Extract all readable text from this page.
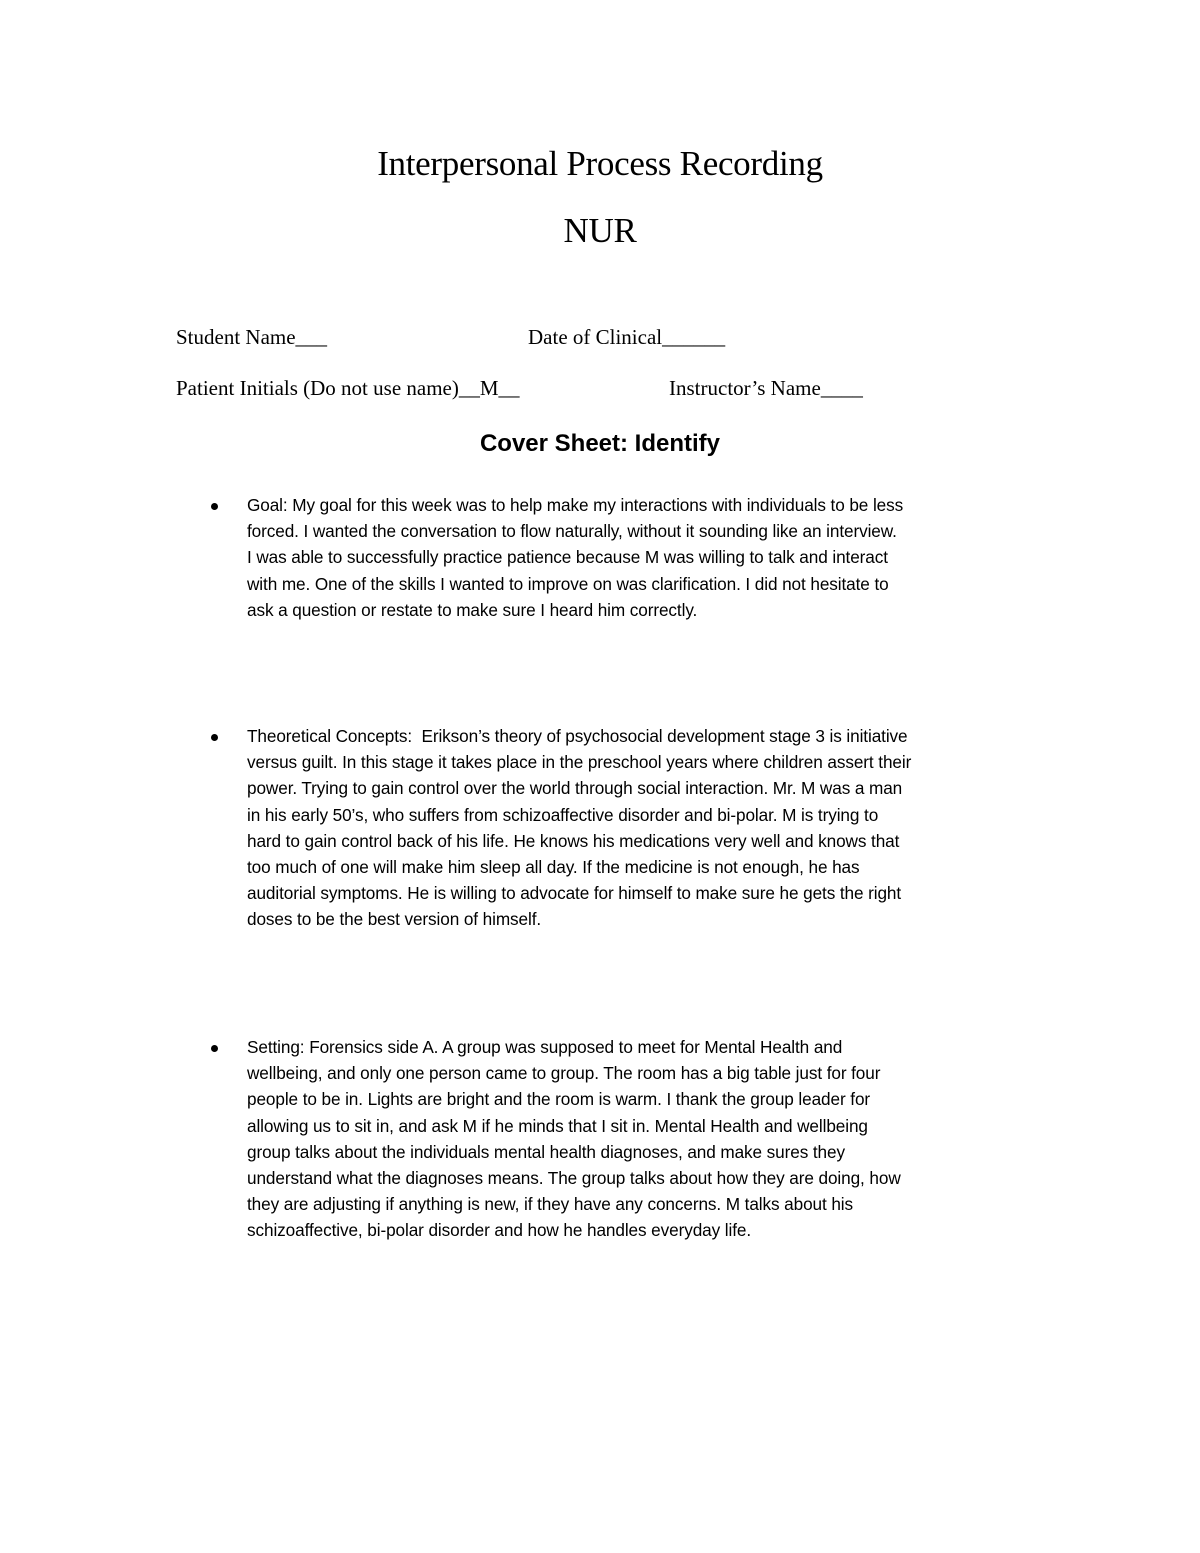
Interpersonal Process Recording
NUR
Student Name___	Date of Clinical______
Patient Initials (Do not use name)__M__	Instructor’s Name____
Cover Sheet: Identify
Goal: My goal for this week was to help make my interactions with individuals to be less
forced. I wanted the conversation to flow naturally, without it sounding like an interview.
I was able to successfully practice patience because M was willing to talk and interact
with me. One of the skills I wanted to improve on was clarification. I did not hesitate to
ask a question or restate to make sure I heard him correctly.
Theoretical Concepts:  Erikson’s theory of psychosocial development stage 3 is initiative
versus guilt. In this stage it takes place in the preschool years where children assert their
power. Trying to gain control over the world through social interaction. Mr. M was a man
in his early 50’s, who suffers from schizoaffective disorder and bi-polar. M is trying to
hard to gain control back of his life. He knows his medications very well and knows that
too much of one will make him sleep all day. If the medicine is not enough, he has
auditorial symptoms. He is willing to advocate for himself to make sure he gets the right
doses to be the best version of himself.
Setting: Forensics side A. A group was supposed to meet for Mental Health and
wellbeing, and only one person came to group. The room has a big table just for four
people to be in. Lights are bright and the room is warm. I thank the group leader for
allowing us to sit in, and ask M if he minds that I sit in. Mental Health and wellbeing
group talks about the individuals mental health diagnoses, and make sures they
understand what the diagnoses means. The group talks about how they are doing, how
they are adjusting if anything is new, if they have any concerns. M talks about his
schizoaffective, bi-polar disorder and how he handles everyday life.
